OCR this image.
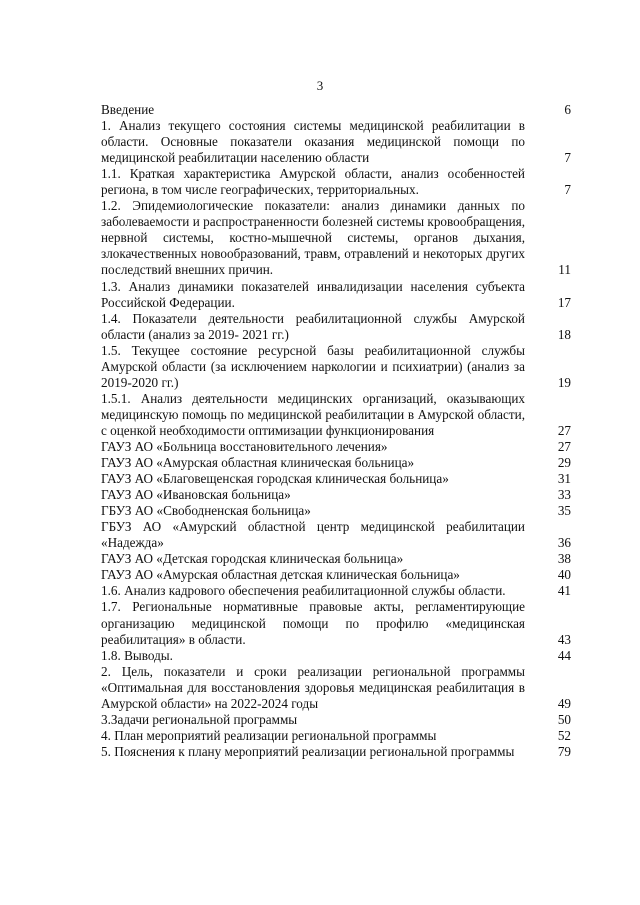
3
Введение	6
1. Анализ текущего состояния системы медицинской реабилитации в области. Основные показатели оказания медицинской помощи по медицинской реабилитации населению области	7
1.1. Краткая характеристика Амурской области, анализ особенностей региона, в том числе географических, территориальных.	7
1.2. Эпидемиологические показатели: анализ динамики данных по заболеваемости и распространенности болезней системы кровообращения, нервной системы, костно-мышечной системы, органов дыхания, злокачественных новообразований, травм, отравлений и некоторых других последствий внешних причин.	11
1.3. Анализ динамики показателей инвалидизации населения субъекта Российской Федерации.	17
1.4. Показатели деятельности реабилитационной службы Амурской области (анализ за 2019- 2021 гг.)	18
1.5. Текущее состояние ресурсной базы реабилитационной службы Амурской области (за исключением наркологии и психиатрии) (анализ за 2019-2020 гг.)	19
1.5.1. Анализ деятельности медицинских организаций, оказывающих медицинскую помощь по медицинской реабилитации в Амурской области, с оценкой необходимости оптимизации функционирования	27
ГАУЗ АО «Больница восстановительного лечения»	27
ГАУЗ АО «Амурская областная клиническая больница»	29
ГАУЗ АО «Благовещенская городская клиническая больница»	31
ГАУЗ АО «Ивановская больница»	33
ГБУЗ АО «Свободненская больница»	35
ГБУЗ АО «Амурский областной центр медицинской реабилитации «Надежда»	36
ГАУЗ АО «Детская городская клиническая больница»	38
ГАУЗ АО «Амурская областная детская клиническая больница»	40
1.6. Анализ кадрового обеспечения реабилитационной службы области.	41
1.7. Региональные нормативные правовые акты, регламентирующие организацию медицинской помощи по профилю «медицинская реабилитация» в области.	43
1.8. Выводы.	44
2. Цель, показатели и сроки реализации региональной программы «Оптимальная для восстановления здоровья медицинская реабилитация в Амурской области» на 2022-2024 годы	49
3.Задачи региональной программы	50
4. План мероприятий реализации региональной программы	52
5. Пояснения к плану мероприятий реализации региональной программы	79
